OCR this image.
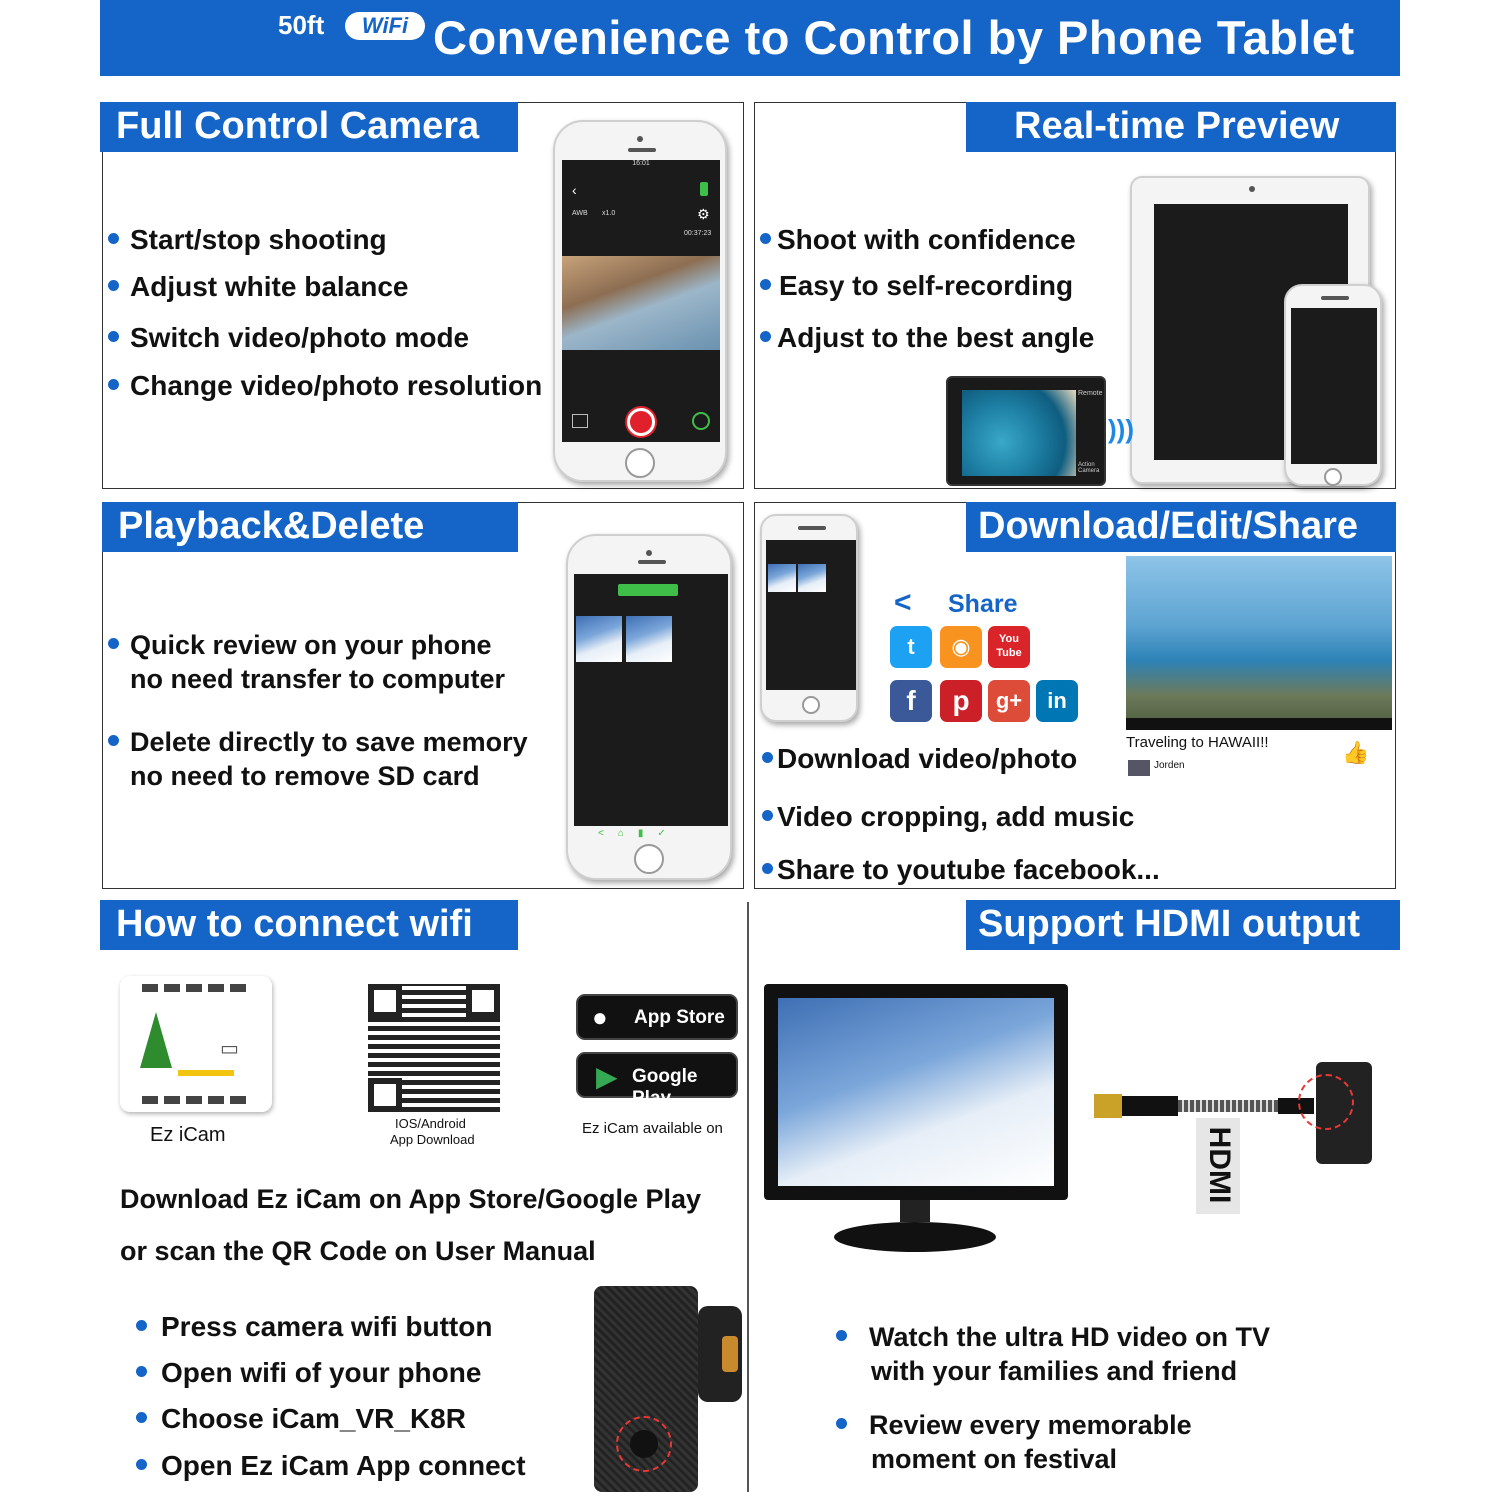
50ft	WiFi Convenience to Control by Phone Tablet
Full Control Camera
Start/stop shooting
Adjust white balance
Switch video/photo mode
Change video/photo resolution
16:01
‹
AWB x1.0	⚙
00:37:23
Real-time Preview
Shoot with confidence
Easy to self-recording
Adjust to the best angle
Remote
Action Camera
)))
Playback&Delete
Quick review on your phone
no need transfer to computer
Delete directly to save memory
no need to remove SD card
<⌂▮✓
Download/Edit/Share
< Share
t	◉	You Tube
f	p	g+	in
Traveling to HAWAII!!
Jorden
👍
Download video/photo
Video cropping, add music
Share to youtube facebook...
How to connect wifi
▭
Ez iCam
IOS/Android
App Download
● App Store
▶ Google Play
Ez iCam available on
Download Ez iCam on App Store/Google Play
or scan the QR Code on User Manual
Press camera wifi button
Open wifi of your phone
Choose iCam_VR_K8R
Open Ez iCam App connect
Support HDMI output
HDMI
Watch the ultra HD video on TV
with your families and friend
Review every memorable
moment on festival
